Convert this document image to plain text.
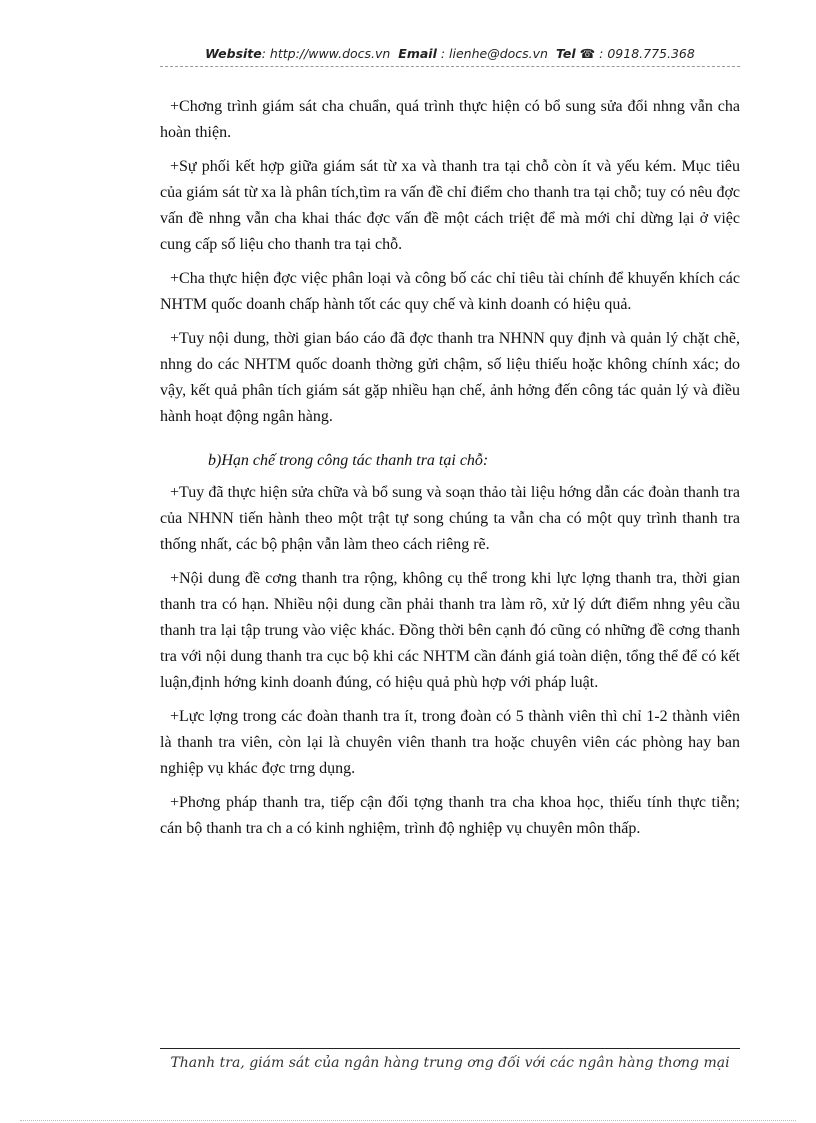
Website: http://www.docs.vn Email : lienhe@docs.vn Tel ☎ : 0918.775.368

+Chơng trình giám sát cha chuẩn, quá trình thực hiện có bổ sung sửa đổi nhng vẫn cha hoàn thiện.

+Sự phối kết hợp giữa giám sát từ xa và thanh tra tại chỗ còn ít và yếu kém. Mục tiêu của giám sát từ xa là phân tích,tìm ra vấn đề chỉ điểm cho thanh tra tại chỗ; tuy có nêu đợc vấn đề nhng vẫn cha khai thác đợc vấn đề một cách triệt để mà mới chỉ dừng lại ở việc cung cấp số liệu cho thanh tra tại chỗ.

+Cha thực hiện đợc việc phân loại và công bố các chỉ tiêu tài chính để khuyến khích các NHTM quốc doanh chấp hành tốt các quy chế và kinh doanh có hiệu quả.

+Tuy nội dung, thời gian báo cáo đã đợc thanh tra NHNN quy định và quản lý chặt chẽ, nhng do các NHTM quốc doanh thờng gửi chậm, số liệu thiếu hoặc không chính xác; do vậy, kết quả phân tích giám sát gặp nhiều hạn chế, ảnh hởng đến công tác quản lý và điều hành hoạt động ngân hàng.

b)Hạn chế trong công tác thanh tra tại chỗ:

+Tuy đã thực hiện sửa chữa và bổ sung và soạn thảo tài liệu hớng dẫn các đoàn thanh tra của NHNN tiến hành theo một trật tự song chúng ta vẫn cha có một quy trình thanh tra thống nhất, các bộ phận vẫn làm theo cách riêng rẽ.

+Nội dung đề cơng thanh tra rộng, không cụ thể trong khi lực lợng thanh tra, thời gian thanh tra có hạn. Nhiều nội dung cần phải thanh tra làm rõ, xử lý dứt điểm nhng yêu cầu thanh tra lại tập trung vào việc khác. Đồng thời bên cạnh đó cũng có những đề cơng thanh tra với nội dung thanh tra cục bộ khi các NHTM cần đánh giá toàn diện, tổng thể để có kết luận,định hớng kinh doanh đúng, có hiệu quả phù hợp với pháp luật.

+Lực lợng trong các đoàn thanh tra ít, trong đoàn có 5 thành viên thì chỉ 1-2 thành viên là thanh tra viên, còn lại là chuyên viên thanh tra hoặc chuyên viên các phòng hay ban nghiệp vụ khác đợc trng dụng.

+Phơng pháp thanh tra, tiếp cận đối tợng thanh tra cha khoa học, thiếu tính thực tiễn; cán bộ thanh tra ch a có kinh nghiệm, trình độ nghiệp vụ chuyên môn thấp.

Thanh tra, giám sát của ngân hàng trung ơng đối với các ngân hàng thơng mại
